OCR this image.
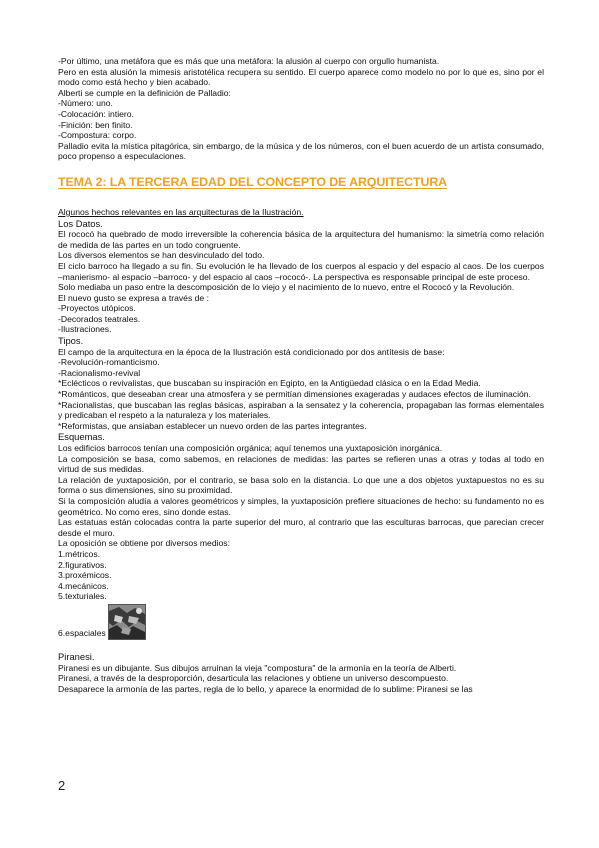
-Por último, una metáfora que es más que una metáfora: la alusión al cuerpo con orgullo humanista.

Pero en esta alusión la mimesis aristotélica recupera su sentido. El cuerpo aparece como modelo no por lo que es, sino por el modo como está hecho y bien acabado.

Alberti se cumple en la definición de Palladio:

-Número: uno.

-Colocación: intiero.

-Finición: ben finito.

-Compostura: corpo.

Palladio evita la mística pitagórica, sin embargo, de la música y de los números, con el buen acuerdo de un artista consumado, poco propenso a especulaciones.

TEMA 2: LA TERCERA EDAD DEL CONCEPTO DE ARQUITECTURA

Algunos hechos relevantes en las arquitecturas de la Ilustración.

Los Datos.

El rococó ha quebrado de modo irreversible la coherencia básica de la arquitectura del humanismo: la simetría como relación de medida de las partes en un todo congruente.

Los diversos elementos se han desvinculado del todo.

El ciclo barroco ha llegado a su fin. Su evolución le ha llevado de los cuerpos al espacio y del espacio al caos. De los cuerpos –manierismo- al espacio –barroco- y del espacio al caos –rococó-. La perspectiva es responsable principal de este proceso.

Solo mediaba un paso entre la descomposición de lo viejo y el nacimiento de lo nuevo, entre el Rococó y la Revolución.

El nuevo gusto se expresa a través de :

-Proyectos utópicos.

-Decorados teatrales.

-Ilustraciones.

Tipos.

El campo de la arquitectura en la época de la Ilustración está condicionado por dos antítesis de base:

-Revolución-romanticismo.

-Racionalismo-revival

*Eclécticos o revivalistas, que buscaban su inspiración en Egipto, en la Antigüedad clásica o en la Edad Media.

*Románticos, que deseaban crear una atmosfera y se permitían dimensiones exageradas y audaces efectos de iluminación.

*Racionalistas, que buscaban las reglas básicas, aspiraban a la sensatez y la coherencia, propagaban las formas elementales y predicaban el respeto a la naturaleza y los materiales.

*Reformistas, que ansiaban establecer un nuevo orden de las partes integrantes.

Esquemas.

Los edificios barrocos tenían una composición orgánica; aquí tenemos una yuxtaposición inorgánica.

La composición se basa, como sabemos, en relaciones de medidas: las partes se refieren unas a otras y todas al todo en virtud de sus medidas.

La relación de yuxtaposición, por el contrario, se basa solo en la distancia. Lo que une a dos objetos yuxtapuestos no es su forma o sus dimensiones, sino su proximidad.

Si la composición aludía a valores geométricos y simples, la yuxtaposición prefiere situaciones de hecho: su fundamento no es geométrico. No como eres, sino donde estas.

Las estatuas están colocadas contra la parte superior del muro, al contrario que las esculturas barrocas, que parecian crecer desde el muro.

La oposición se obtiene por diversos medios:

1.métricos.

2.figurativos.

3.proxémicos.

4.mecánicos.

5.texturiales.

6.espaciales

Piranesi.

Piranesi es un dibujante. Sus dibujos arruinan la vieja "compostura" de la armonía en la teoría de Alberti.

Piranesi, a través de la desproporción, desarticula las relaciones y obtiene un universo descompuesto.

Desaparece la armonía de las partes, regla de lo bello, y aparece la enormidad de lo sublime: Piranesi se las

2
